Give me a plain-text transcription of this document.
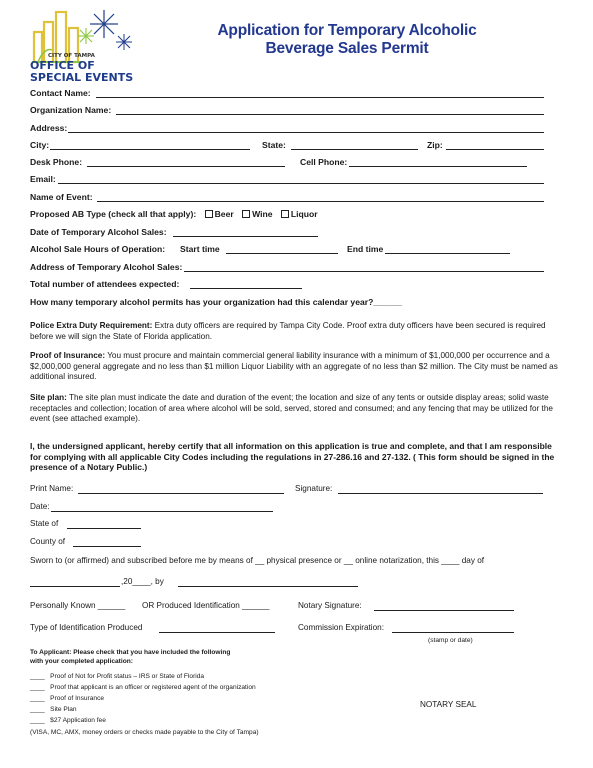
CITY OF TAMPA
OFFICE OF
SPECIAL EVENTS
Application for Temporary Alcoholic
Beverage Sales Permit
Contact Name:
Organization Name:
Address:
City:	State:	Zip:
Desk Phone:	Cell Phone:
Email:
Name of Event:
Proposed AB Type (check all that apply): Beer Wine Liquor
Date of Temporary Alcohol Sales:
Alcohol Sale Hours of Operation: Start time	End time
Address of Temporary Alcohol Sales:
Total number of attendees expected:
How many temporary alcohol permits has your organization had this calendar year?______
Police Extra Duty Requirement: Extra duty officers are required by Tampa City Code. Proof extra duty officers have been secured is required before we will sign the State of Florida application.
Proof of Insurance: You must procure and maintain commercial general liability insurance with a minimum of $1,000,000 per occurrence and a $2,000,000 general aggregate and no less than $1 million Liquor Liability with an aggregate of no less than $2 million. The City must be named as additional insured.
Site plan: The site plan must indicate the date and duration of the event; the location and size of any tents or outside display areas; solid waste receptacles and collection; location of area where alcohol will be sold, served, stored and consumed; and any fencing that may be utilized for the event (see attached example).
I, the undersigned applicant, hereby certify that all information on this application is true and complete, and that I am responsible for complying with all applicable City Codes including the regulations in 27-286.16 and 27-132. ( This form should be signed in the presence of a Notary Public.)
Print Name:	Signature:
Date:
State of
County of
Sworn to (or affirmed) and subscribed before me by means of __ physical presence or __ online notarization, this ____ day of
,20____, by
Personally Known ______ OR Produced Identification ______	Notary Signature:
Type of Identification Produced	Commission Expiration:
(stamp or date)
To Applicant: Please check that you have included the following
with your completed application:
____   Proof of Not for Profit status – IRS or State of Florida
____   Proof that applicant is an officer or registered agent of the organization
____   Proof of Insurance
____   Site Plan
____   $27 Application fee
(VISA, MC, AMX, money orders or checks made payable to the City of Tampa)
NOTARY SEAL
